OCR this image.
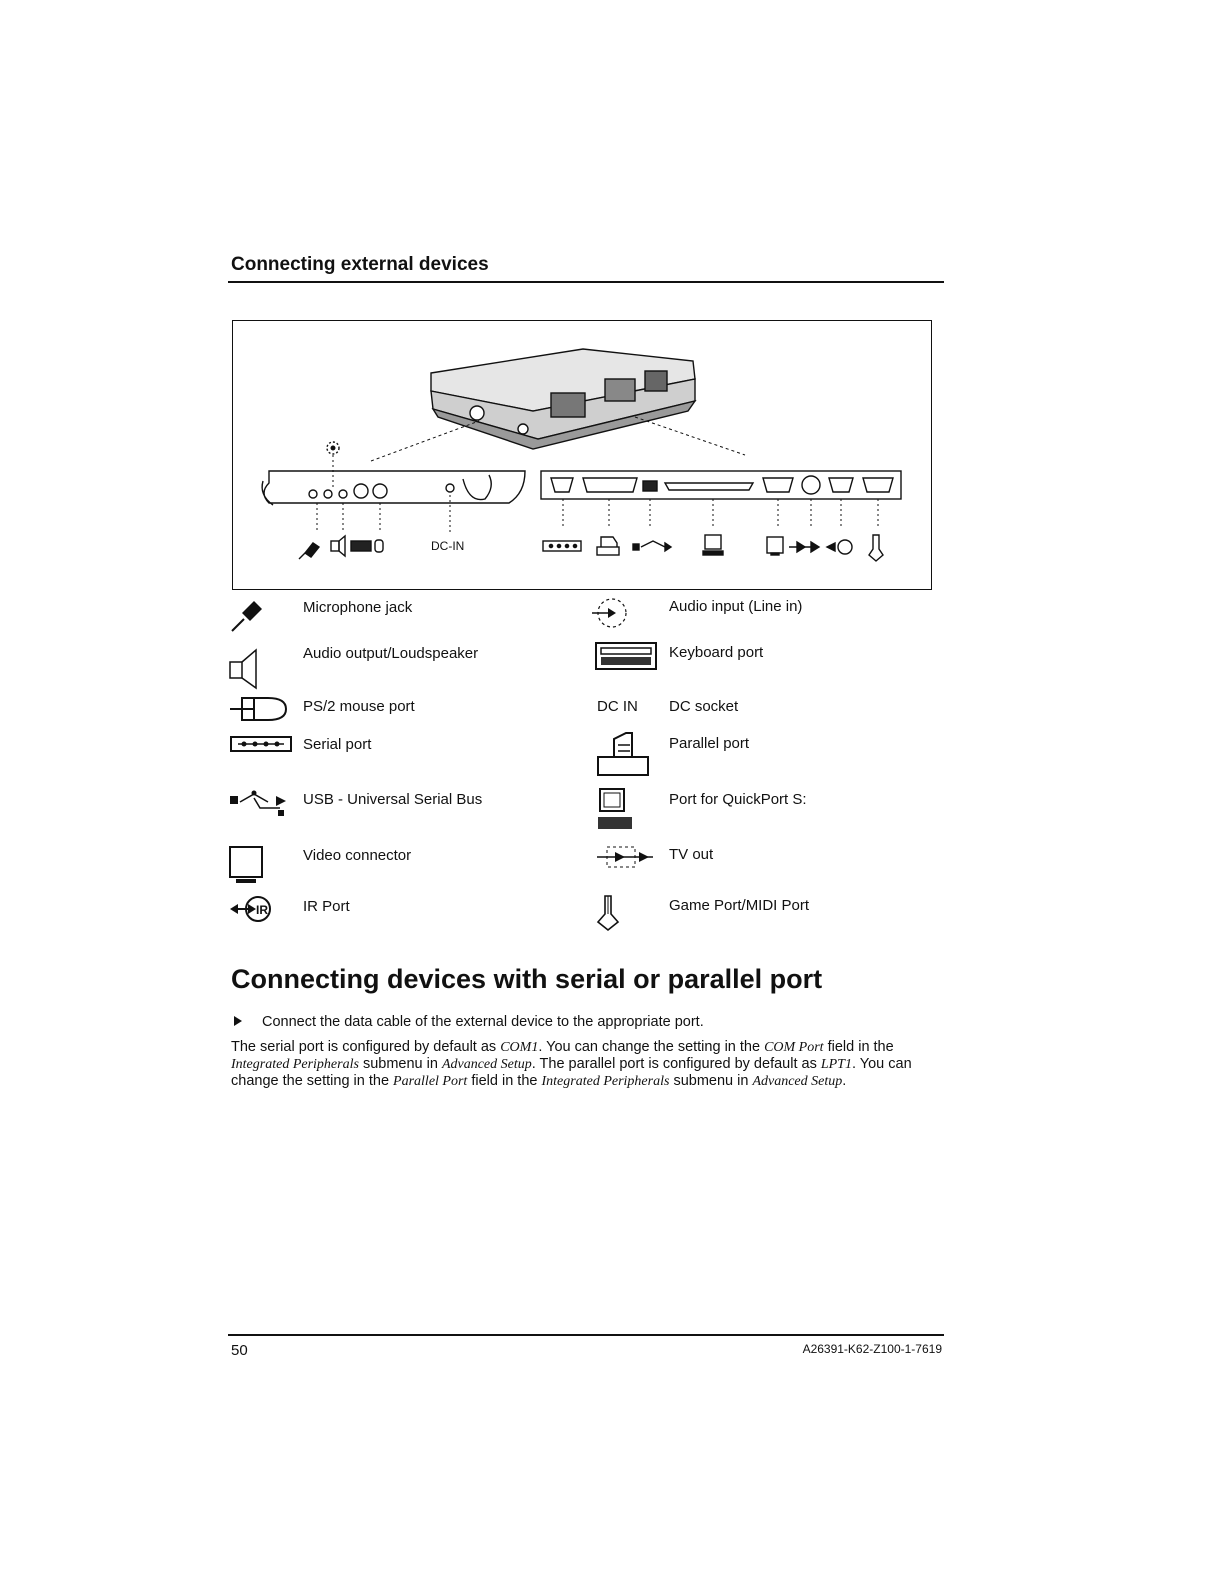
Connecting external devices
DC-IN
Microphone jack
Audio output/Loudspeaker
PS/2 mouse port
Serial port
USB - Universal Serial Bus
Video connector
IR IR Port
Audio input (Line in)
Keyboard port
DC IN DC socket
Parallel port
Port for QuickPort S:
TV out
Game Port/MIDI Port
Connecting devices with serial or parallel port
Connect the data cable of the external device to the appropriate port.
The serial port is configured by default as COM1. You can change the setting in the COM Port field in the Integrated Peripherals submenu in Advanced Setup. The parallel port is configured by default as LPT1. You can change the setting in the Parallel Port field in the Integrated Peripherals submenu in Advanced Setup.
50	A26391-K62-Z100-1-7619
